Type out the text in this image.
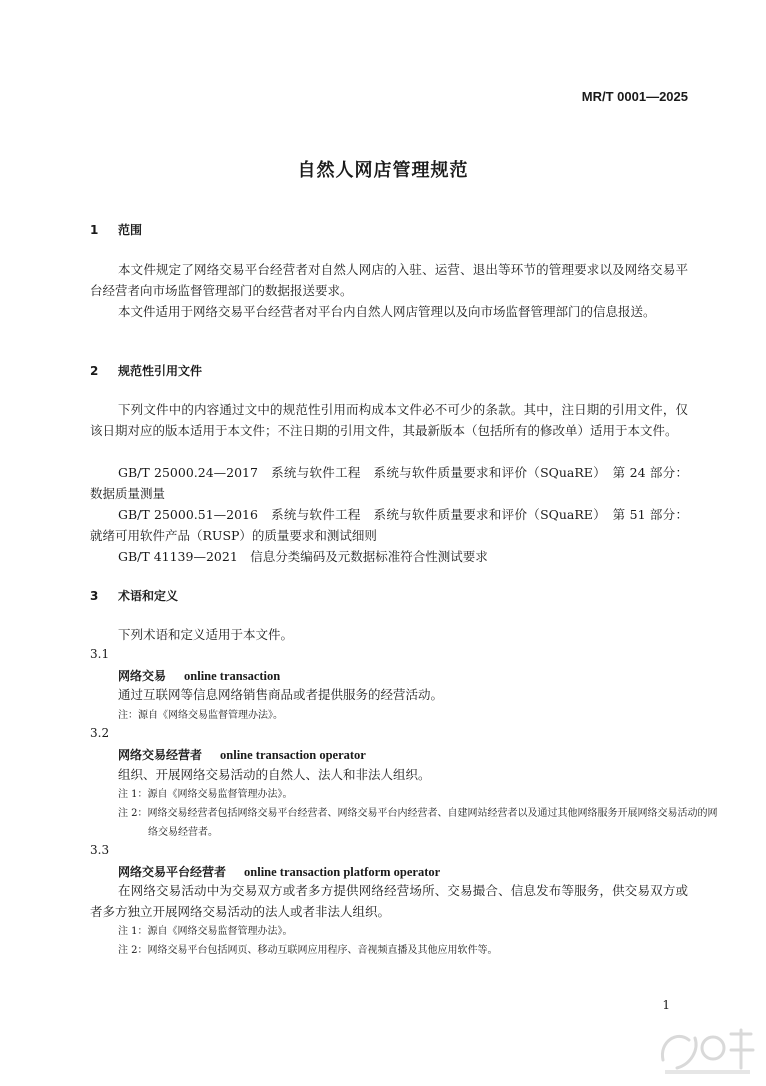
MR/T 0001—2025
自然人网店管理规范
1 范围

本文件规定了网络交易平台经营者对自然人网店的入驻、运营、退出等环节的管理要求以及网络交易平台经营者向市场监督管理部门的数据报送要求。

本文件适用于网络交易平台经营者对平台内自然人网店管理以及向市场监督管理部门的信息报送。

2 规范性引用文件

下列文件中的内容通过文中的规范性引用而构成本文件必不可少的条款。其中，注日期的引用文件，仅该日期对应的版本适用于本文件；不注日期的引用文件，其最新版本（包括所有的修改单）适用于本文件。

GB/T 25000.24—2017　系统与软件工程　系统与软件质量要求和评价（SQuaRE）　第 24 部分：数据质量测量

GB/T 25000.51—2016　系统与软件工程　系统与软件质量要求和评价（SQuaRE）　第 51 部分：就绪可用软件产品（RUSP）的质量要求和测试细则

GB/T 41139—2021　信息分类编码及元数据标准符合性测试要求

3 术语和定义

下列术语和定义适用于本文件。

3.1
网络交易 online transaction

通过互联网等信息网络销售商品或者提供服务的经营活动。

注：源自《网络交易监督管理办法》。
3.2
网络交易经营者 online transaction operator

组织、开展网络交易活动的自然人、法人和非法人组织。

注 1：源自《网络交易监督管理办法》。
注 2：网络交易经营者包括网络交易平台经营者、网络交易平台内经营者、自建网站经营者以及通过其他网络服务开展网络交易活动的网络交易经营者。
3.3
网络交易平台经营者 online transaction platform operator

在网络交易活动中为交易双方或者多方提供网络经营场所、交易撮合、信息发布等服务，供交易双方或者多方独立开展网络交易活动的法人或者非法人组织。

注 1：源自《网络交易监督管理办法》。
注 2：网络交易平台包括网页、移动互联网应用程序、音视频直播及其他应用软件等。
1
